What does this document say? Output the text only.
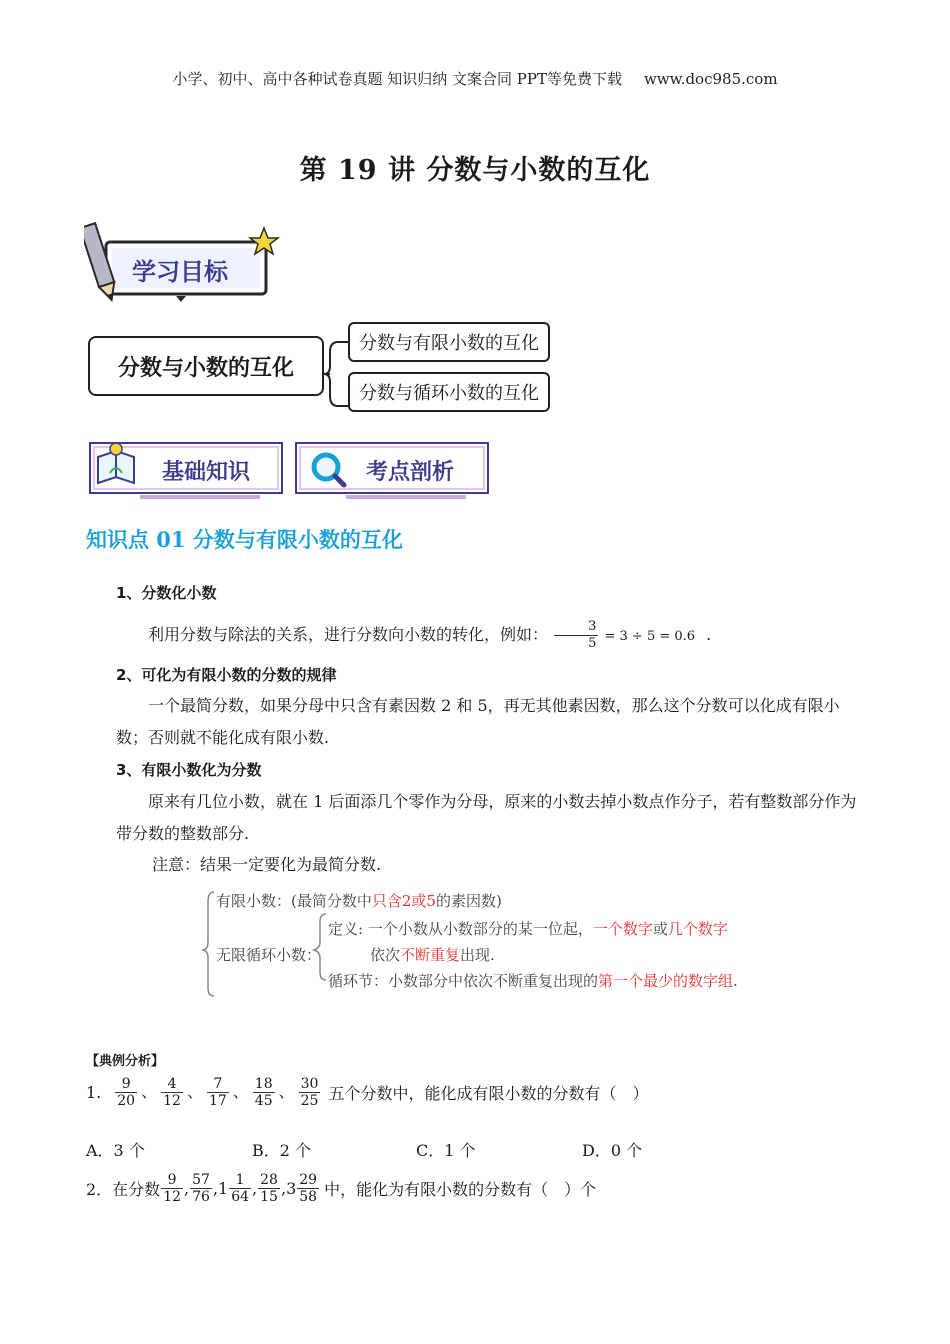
小学、初中、高中各种试卷真题 知识归纳 文案合同 PPT等免费下载 www.doc985.com
第 19 讲 分数与小数的互化
学习目标
分数与小数的互化
分数与有限小数的互化
分数与循环小数的互化
基础知识	考点剖析
知识点 01 分数与有限小数的互化
1、分数化小数
利用分数与除法的关系，进行分数向小数的转化，例如： $\frac{3}{5} = 3 \div 5 = 0.6$ .
2、可化为有限小数的分数的规律
一个最简分数，如果分母中只含有素因数 2 和 5，再无其他素因数，那么这个分数可以化成有限小数；否则就不能化成有限小数.
3、有限小数化为分数
原来有几位小数，就在 1 后面添几个零作为分母，原来的小数去掉小数点作分子，若有整数部分作为带分数的整数部分.
注意：结果一定要化为最简分数.
有限小数：(最简分数中只含2或5的素因数)
无限循环小数：
定义: 一个小数从小数部分的某一位起，一个数字或几个数字
依次不断重复出现.
循环节：小数部分中依次不断重复出现的第一个最少的数字组.
【典例分析】
1. $\frac{9}{20}$ 、 $\frac{4}{12}$ 、 $\frac{7}{17}$ 、 $\frac{18}{45}$ 、 $\frac{30}{25}$ 五个分数中，能化成有限小数的分数有（　）
A．3 个	B．2 个	C．1 个	D．0 个
2．在分数 $\frac{9}{12}$ , $\frac{57}{76}$ , $1 \frac{1}{64}$ , $\frac{28}{15}$ , $3 \frac{29}{58}$ 中，能化为有限小数的分数有（　）个
